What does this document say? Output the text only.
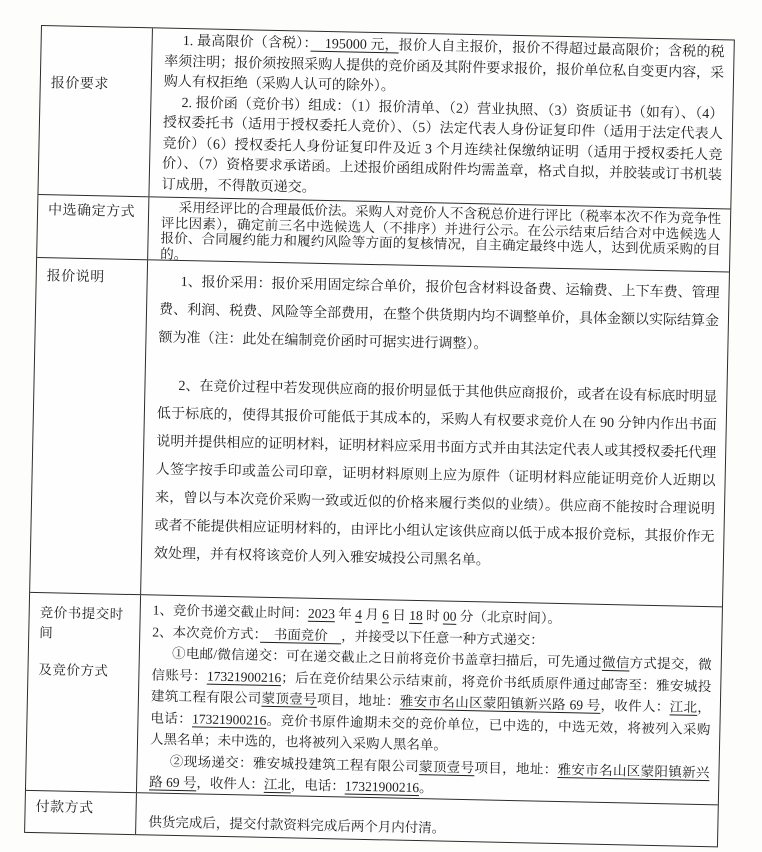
报价要求

1. 最高限价（含税）：　195000 元，报价人自主报价，报价不得超过最高限价；含税的税率须注明；报价须按照采购人提供的竞价函及其附件要求报价，报价单位私自变更内容，采购人有权拒绝（采购人认可的除外）。

2. 报价函（竞价书）组成：（1）报价清单、（2）营业执照、（3）资质证书（如有）、（4）授权委托书（适用于授权委托人竞价）、（5）法定代表人身份证复印件（适用于法定代表人竞价）（6）授权委托人身份证复印件及近 3 个月连续社保缴纳证明（适用于授权委托人竞价）、（7）资格要求承诺函。上述报价函组成附件均需盖章，格式自拟，并胶装或订书机装订成册，不得散页递交。

中选确定方式	采用经评比的合理最低价法。采购人对竞价人不含税总价进行评比（税率本次不作为竞争性评比因素），确定前三名中选候选人（不排序）并进行公示。在公示结束后结合对中选候选人报价、合同履约能力和履约风险等方面的复核情况，自主确定最终中选人，达到优质采购的目的。

报价说明	1、报价采用：报价采用固定综合单价，报价包含材料设备费、运输费、上下车费、管理费、利润、税费、风险等全部费用，在整个供货期内均不调整单价，具体金额以实际结算金额为准（注：此处在编制竞价函时可据实进行调整）。

2、在竞价过程中若发现供应商的报价明显低于其他供应商报价，或者在设有标底时明显低于标底的，使得其报价可能低于其成本的，采购人有权要求竞价人在 90 分钟内作出书面说明并提供相应的证明材料，证明材料应采用书面方式并由其法定代表人或其授权委托代理人签字按手印或盖公司印章，证明材料原则上应为原件（证明材料应能证明竞价人近期以来，曾以与本次竞价采购一致或近似的价格来履行类似的业绩）。供应商不能按时合理说明或者不能提供相应证明材料的，由评比小组认定该供应商以低于成本报价竞标，其报价作无效处理，并有权将该竞价人列入雅安城投公司黑名单。

竞价书提交时间
及竞价方式

1、竞价书递交截止时间：2023 年 4 月 6 日 18 时 00 分（北京时间）。

2、本次竞价方式：　书面竞价　，并接受以下任意一种方式递交：

①电邮/微信递交：可在递交截止之日前将竞价书盖章扫描后，可先通过微信方式提交，微信账号：17321900216；后在竞价结果公示结束前，将竞价书纸质原件通过邮寄至：雅安城投建筑工程有限公司蒙顶壹号项目，地址：雅安市名山区蒙阳镇新兴路 69 号，收件人：江北，电话：17321900216。竞价书原件逾期未交的竞价单位，已中选的，中选无效，将被列入采购人黑名单；未中选的，也将被列入采购人黑名单。

②现场递交：雅安城投建筑工程有限公司蒙顶壹号项目，地址：雅安市名山区蒙阳镇新兴路 69 号，收件人：江北，电话：17321900216。

付款方式

供货完成后，提交付款资料完成后两个月内付清。
